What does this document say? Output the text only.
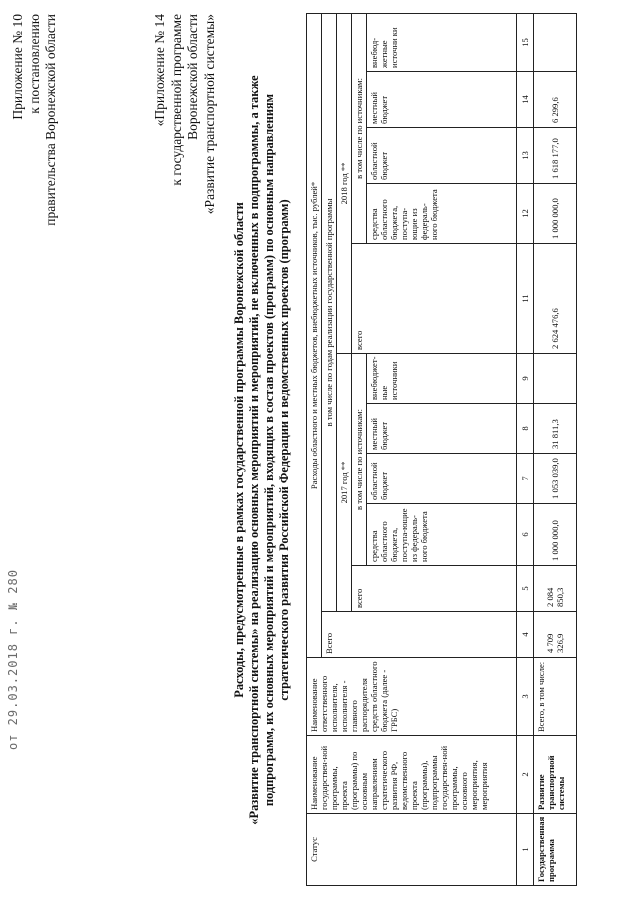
от 29.03.2018 г. № 280
Приложение № 10 к постановлению правительства Воронежской области	«Приложение № 14 к государственной программе Воронежской области «Развитие транспортной системы»
Расходы, предусмотренные в рамках государственной программы Воронежской области «Развитие транспортной системы» на реализацию основных мероприятий и мероприятий, не включенных в подпрограммы, а также подпрограмм, их основных мероприятий и мероприятий, входящих в состав проектов (программ) по основным направлениям стратегического развития Российской Федерации и ведомственных проектов (программ)
Статус	Наименование государствен-ной программы, проекта (программы) по основным направлениям стратегического развития РФ, ведомственного проекта (программы), подпрограммы государствен-ной программы, основного мероприятия, мероприятия	Наименование ответственного исполнителя, исполнителя - главного распорядителя средств областного бюджета (далее - ГРБС)	Расходы областного и местных бюджетов, внебюджетных источников, тыс. рублей*										
			Всего	в том числе по годам реализации государственной программы									
				2017 год **					2018 год **				
				всего	в том числе по источникам:				всего	в том числе по источникам:			
					средства областного бюджета, поступа-ющие из федераль-ного бюджета	областной бюджет	местный бюджет	внебюджет-ные источники		средства областного бюджета, поступа-ющие из федераль-ного бюджета	областной бюджет	местный бюджет	внебюд-жетные источни ки
1	2	3	4	5	6	7	8	9	11	12	13	14	15
Государственная программа	Развитие транспортной системы	Всего, в том числе:	4 709 326,9	2 084 850,3	1 000 000,0	1 053 039,0	31 811,3		2 624 476,6	1 000 000,0	1 618 177,0	6 299,6	
